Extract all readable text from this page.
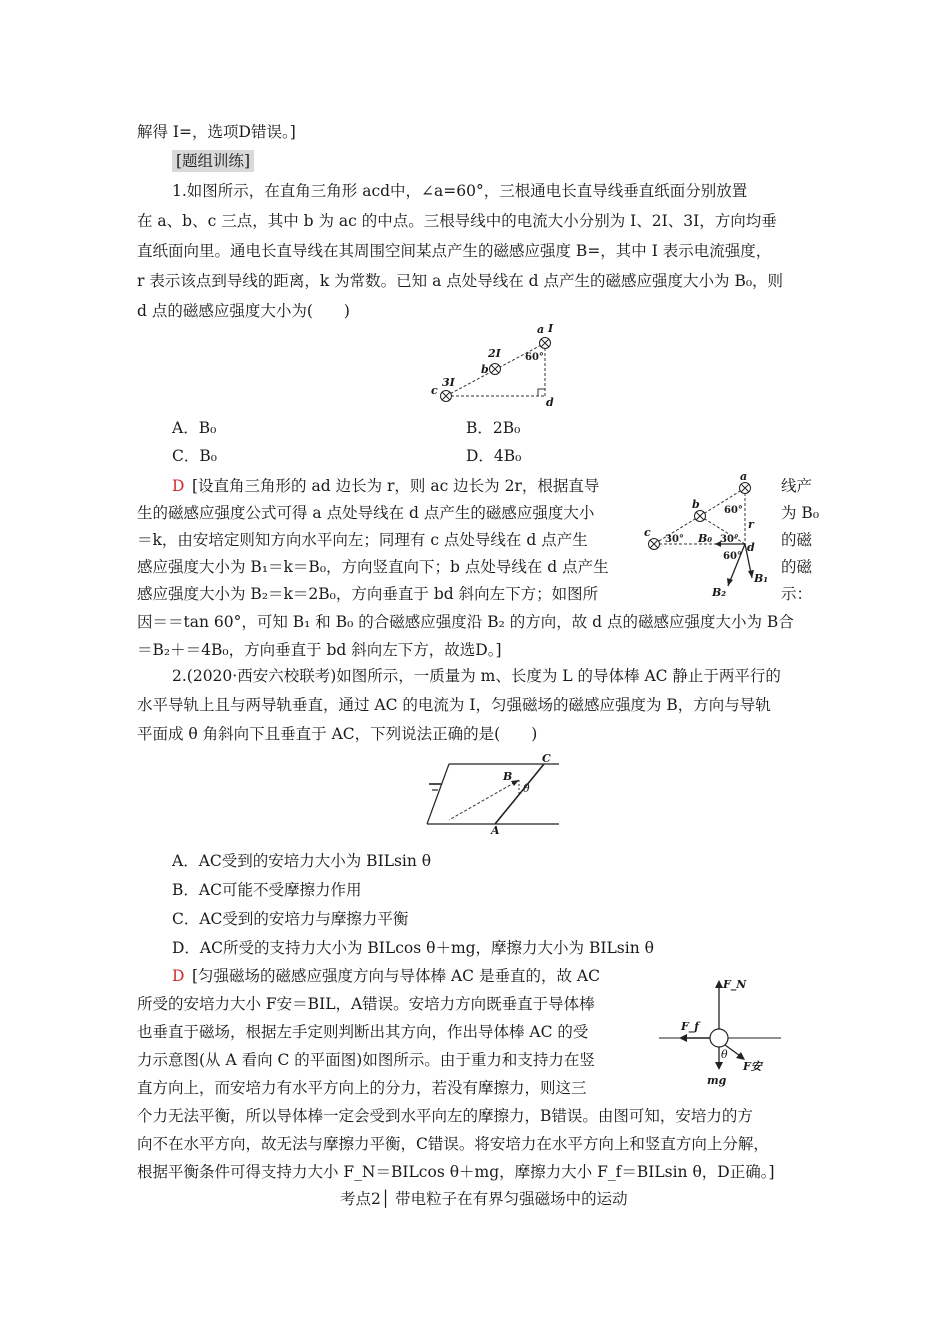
解得 I=，选项D错误。]
[题组训练]
1.如图所示，在直角三角形 acd中，∠a=60°，三根通电长直导线垂直纸面分别放置
在 a、b、c 三点，其中 b 为 ac 的中点。三根导线中的电流大小分别为 I、2I、3I，方向均垂
直纸面向里。通电长直导线在其周围空间某点产生的磁感应强度 B=，其中 I 表示电流强度，
r 表示该点到导线的距离，k 为常数。已知 a 点处导线在 d 点产生的磁感应强度大小为 B₀，则
d 点的磁感应强度大小为(　　)
a I
60°
2I
b
3I
c
d
A．B₀	B．2B₀
C．B₀	D．4B₀
D [设直角三角形的 ad 边长为 r，则 ac 边长为 2r，根据直导
生的磁感应强度公式可得 a 点处导线在 d 点产生的磁感应强度大小
＝k，由安培定则知方向水平向左；同理有 c 点处导线在 d 点产生
感应强度大小为 B₁＝k＝B₀，方向竖直向下；b 点处导线在 d 点产生
感应强度大小为 B₂＝k＝2B₀，方向垂直于 bd 斜向左下方；如图所
因＝＝tan 60°，可知 B₁ 和 B₀ 的合磁感应强度沿 B₂ 的方向，故 d 点的磁感应强度大小为 B合
＝B₂＋＝4B₀，方向垂直于 bd 斜向左下方，故选D。]
线产
为 B₀
的磁
的磁
示：
a
b
c
d
r
60°
30°	30°
60°
B₀
B₁
B₂
2.(2020·西安六校联考)如图所示，一质量为 m、长度为 L 的导体棒 AC 静止于两平行的
水平导轨上且与两导轨垂直，通过 AC 的电流为 I，匀强磁场的磁感应强度为 B，方向与导轨
平面成 θ 角斜向下且垂直于 AC，下列说法正确的是(　　)
B
C
A
θ
A．AC受到的安培力大小为 BILsin θ
B．AC可能不受摩擦力作用
C．AC受到的安培力与摩擦力平衡
D．AC所受的支持力大小为 BILcos θ＋mg，摩擦力大小为 BILsin θ
D [匀强磁场的磁感应强度方向与导体棒 AC 是垂直的，故 AC
所受的安培力大小 F安＝BIL，A错误。安培力方向既垂直于导体棒
也垂直于磁场，根据左手定则判断出其方向，作出导体棒 AC 的受
力示意图(从 A 看向 C 的平面图)如图所示。由于重力和支持力在竖
直方向上，而安培力有水平方向上的分力，若没有摩擦力，则这三
个力无法平衡，所以导体棒一定会受到水平向左的摩擦力，B错误。由图可知，安培力的方
向不在水平方向，故无法与摩擦力平衡，C错误。将安培力在水平方向上和竖直方向上分解，
根据平衡条件可得支持力大小 F_N＝BILcos θ＋mg，摩擦力大小 F_f＝BILsin θ，D正确。]
F_N
F_f
F安
mg
θ
考点2│ 带电粒子在有界匀强磁场中的运动
